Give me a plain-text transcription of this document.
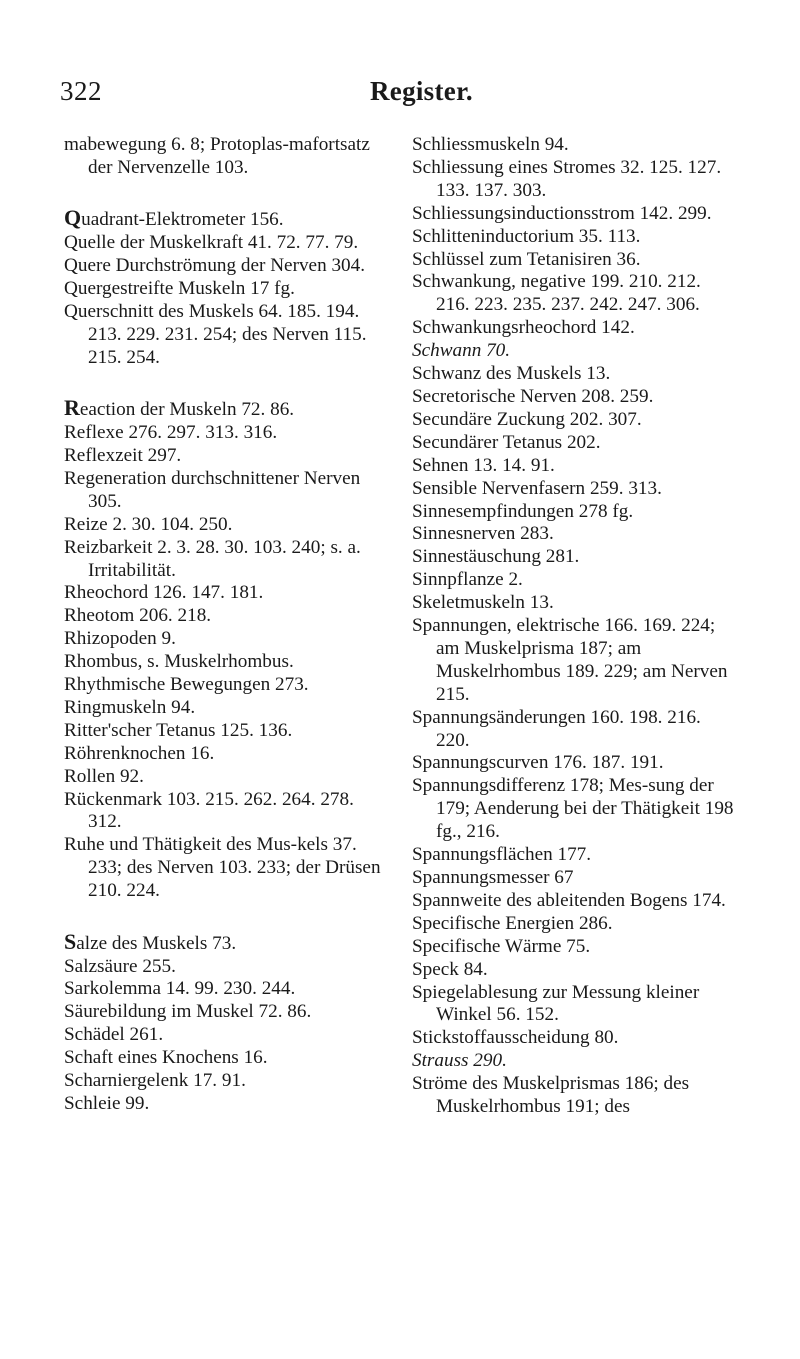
322	Register.

mabewegung 6. 8; Protoplas-mafortsatz der Nervenzelle 103.

Quadrant-Elektrometer 156.

Quelle der Muskelkraft 41. 72. 77. 79.

Quere Durchströmung der Nerven 304.

Quergestreifte Muskeln 17 fg.

Querschnitt des Muskels 64. 185. 194. 213. 229. 231. 254; des Nerven 115. 215. 254.

Reaction der Muskeln 72. 86.

Reflexe 276. 297. 313. 316.

Reflexzeit 297.

Regeneration durchschnittener Nerven 305.

Reize 2. 30. 104. 250.

Reizbarkeit 2. 3. 28. 30. 103. 240; s. a. Irritabilität.

Rheochord 126. 147. 181.

Rheotom 206. 218.

Rhizopoden 9.

Rhombus, s. Muskelrhombus.

Rhythmische Bewegungen 273.

Ringmuskeln 94.

Ritter'scher Tetanus 125. 136.

Röhrenknochen 16.

Rollen 92.

Rückenmark 103. 215. 262. 264. 278. 312.

Ruhe und Thätigkeit des Mus-kels 37. 233; des Nerven 103. 233; der Drüsen 210. 224.

Salze des Muskels 73.

Salzsäure 255.

Sarkolemma 14. 99. 230. 244.

Säurebildung im Muskel 72. 86.

Schädel 261.

Schaft eines Knochens 16.

Scharniergelenk 17. 91.

Schleie 99.

Schliessmuskeln 94.

Schliessung eines Stromes 32. 125. 127. 133. 137. 303.

Schliessungsinductionsstrom 142. 299.

Schlitteninductorium 35. 113.

Schlüssel zum Tetanisiren 36.

Schwankung, negative 199. 210. 212. 216. 223. 235. 237. 242. 247. 306.

Schwankungsrheochord 142.

Schwann 70.

Schwanz des Muskels 13.

Secretorische Nerven 208. 259.

Secundäre Zuckung 202. 307.

Secundärer Tetanus 202.

Sehnen 13. 14. 91.

Sensible Nervenfasern 259. 313.

Sinnesempfindungen 278 fg.

Sinnesnerven 283.

Sinnestäuschung 281.

Sinnpflanze 2.

Skeletmuskeln 13.

Spannungen, elektrische 166. 169. 224; am Muskelprisma 187; am Muskelrhombus 189. 229; am Nerven 215.

Spannungsänderungen 160. 198. 216. 220.

Spannungscurven 176. 187. 191.

Spannungsdifferenz 178; Mes-sung der 179; Aenderung bei der Thätigkeit 198 fg., 216.

Spannungsflächen 177.

Spannungsmesser 67

Spannweite des ableitenden Bogens 174.

Specifische Energien 286.

Specifische Wärme 75.

Speck 84.

Spiegelablesung zur Messung kleiner Winkel 56. 152.

Stickstoffausscheidung 80.

Strauss 290.

Ströme des Muskelprismas 186; des Muskelrhombus 191; des
